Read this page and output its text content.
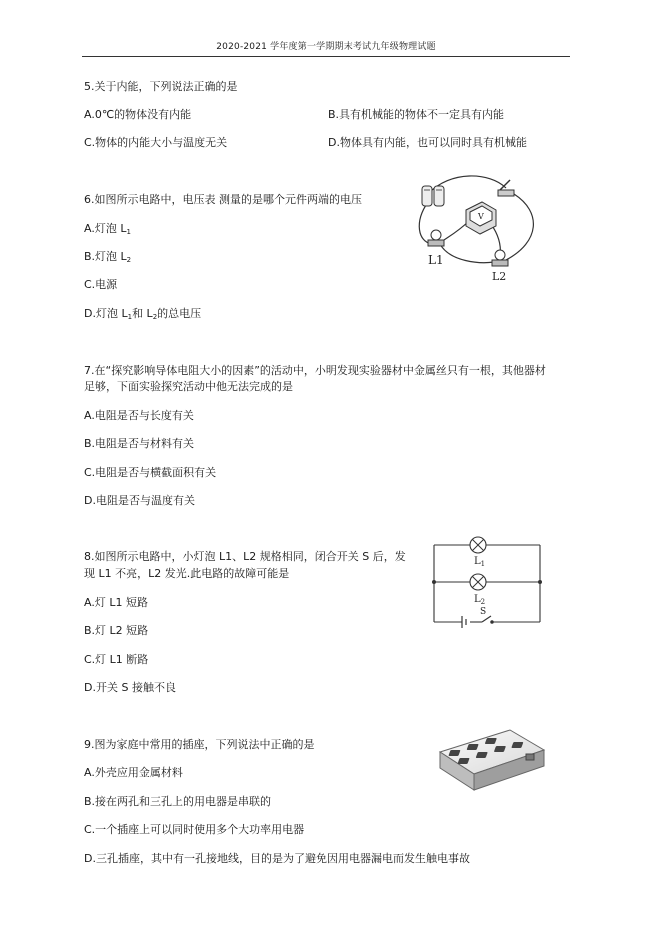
2020-2021 学年度第一学期期末考试九年级物理试题
5.关于内能，下列说法正确的是
A.0℃的物体没有内能	B.具有机械能的物体不一定具有内能
C.物体的内能大小与温度无关	D.物体具有内能，也可以同时具有机械能
6.如图所示电路中，电压表 测量的是哪个元件两端的电压
A.灯泡 $L_1$
B.灯泡 $L_2$
C.电源
D.灯泡 $L_1$和 $L_2$的总电压
V
L1
L2
7.在“探究影响导体电阻大小的因素”的活动中，小明发现实验器材中金属丝只有一根，其他器材
足够，下面实验探究活动中他无法完成的是
A.电阻是否与长度有关
B.电阻是否与材料有关
C.电阻是否与横截面积有关
D.电阻是否与温度有关
8.如图所示电路中，小灯泡 L1、L2 规格相同，闭合开关 S 后，发
现 L1 不亮，L2 发光.此电路的故障可能是
A.灯 L1 短路
B.灯 L2 短路
C.灯 L1 断路
D.开关 S 接触不良
$L_1$
$L_2$
S
9.图为家庭中常用的插座，下列说法中正确的是
A.外壳应用金属材料
B.接在两孔和三孔上的用电器是串联的
C.一个插座上可以同时使用多个大功率用电器
D.三孔插座，其中有一孔接地线，目的是为了避免因用电器漏电而发生触电事故
